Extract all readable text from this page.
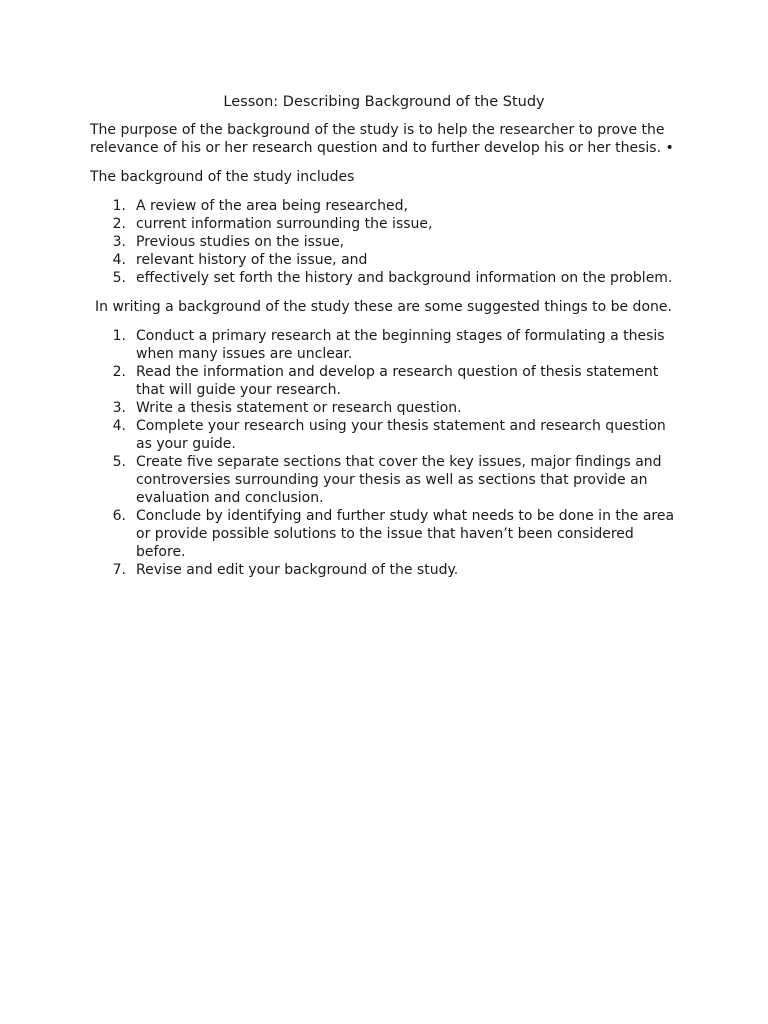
Lesson: Describing Background of the Study

The purpose of the background of the study is to help the researcher to prove the relevance of his or her research question and to further develop his or her thesis. •

The background of the study includes

1. A review of the area being researched,
2. current information surrounding the issue,
3. Previous studies on the issue,
4. relevant history of the issue, and
5. effectively set forth the history and background information on the problem.

In writing a background of the study these are some suggested things to be done.

1. Conduct a primary research at the beginning stages of formulating a thesis when many issues are unclear.
2. Read the information and develop a research question of thesis statement that will guide your research.
3. Write a thesis statement or research question.
4. Complete your research using your thesis statement and research question as your guide.
5. Create five separate sections that cover the key issues, major findings and controversies surrounding your thesis as well as sections that provide an evaluation and conclusion.
6. Conclude by identifying and further study what needs to be done in the area or provide possible solutions to the issue that haven’t been considered before.
7. Revise and edit your background of the study.
